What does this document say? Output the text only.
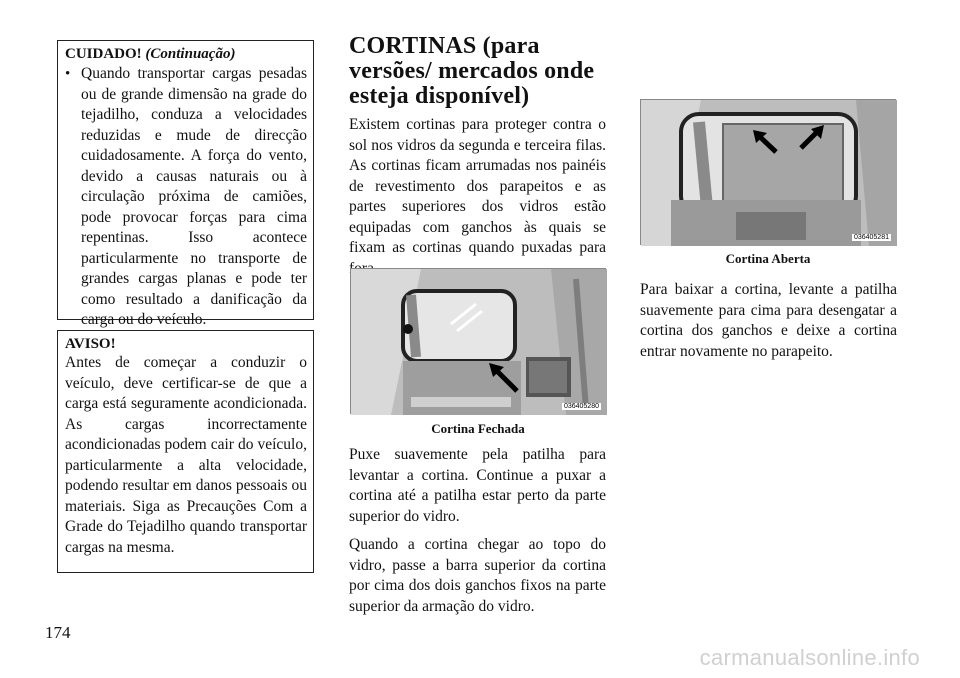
CUIDADO! (Continuação)
• Quando transportar cargas pesadas ou de grande dimensão na grade do tejadilho, conduza a velocidades reduzidas e mude de direcção cuidadosamente. A força do vento, devido a causas naturais ou à circulação próxima de camiões, pode provocar forças para cima repentinas. Isso acontece particularmente no transporte de grandes cargas planas e pode ter como resultado a danificação da carga ou do veículo.

AVISO!

Antes de começar a conduzir o veículo, deve certificar-se de que a carga está seguramente acondicionada. As cargas incorrectamente acondicionadas podem cair do veículo, particularmente a alta velocidade, podendo resultar em danos pessoais ou materiais. Siga as Precauções Com a Grade do Tejadilho quando transportar cargas na mesma.

CORTINAS (para versões/ mercados onde esteja disponível)

Existem cortinas para proteger contra o sol nos vidros da segunda e terceira filas. As cortinas ficam arrumadas nos painéis de revestimento dos parapeitos e as partes superiores dos vidros estão equipadas com ganchos às quais se fixam as cortinas quando puxadas para

036405280
Cortina Fechada

Puxe suavemente pela patilha para levantar a cortina. Continue a puxar a cortina até a patilha estar perto da parte superior do vidro.

Quando a cortina chegar ao topo do vidro, passe a barra superior da cortina por cima dos dois ganchos fixos na parte superior da armação do vidro.

036405281
Cortina Aberta

Para baixar a cortina, levante a patilha suavemente para cima para desengatar a cortina dos ganchos e deixe a cortina entrar novamente no parapeito.

174
carmanualsonline.info
